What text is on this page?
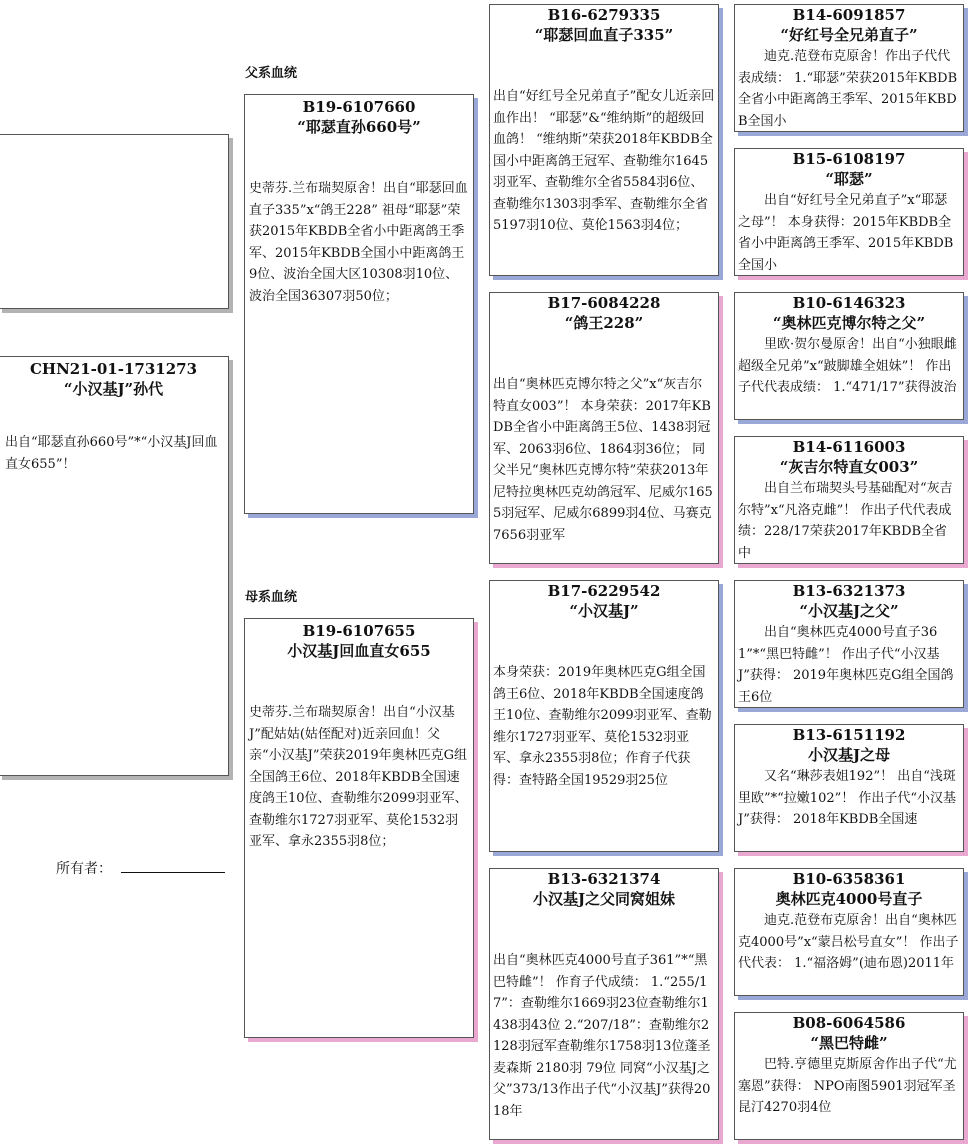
CHN21-01-1731273
“小汉基J”孙代
出自“耶瑟直孙660号”*“小汉基J回血直女655”！
父系血统
母系血统
B19-6107660
“耶瑟直孙660号”
史蒂芬.兰布瑞契原舍！出自“耶瑟回血直子335”x“鸽王228” 祖母“耶瑟”荣获2015年KBDB全省小中距离鸽王季军、2015年KBDB全国小中距离鸽王9位、波治全国大区10308羽10位、波治全国36307羽50位；
B19-6107655
小汉基J回血直女655
史蒂芬.兰布瑞契原舍！出自“小汉基J”配姑姑(姑侄配对)近亲回血！父亲“小汉基J”荣获2019年奥林匹克G组全国鸽王6位、2018年KBDB全国速度鸽王10位、查勒维尔2099羽亚军、查勒维尔1727羽亚军、莫伦1532羽亚军、拿永2355羽8位；
所有者：
B16-6279335
“耶瑟回血直子335”
出自“好红号全兄弟直子”配女儿近亲回血作出！ “耶瑟”&“维纳斯”的超级回血鸽！ “维纳斯”荣获2018年KBDB全国小中距离鸽王冠军、查勒维尔1645羽亚军、查勒维尔全省5584羽6位、查勒维尔1303羽季军、查勒维尔全省5197羽10位、莫伦1563羽4位；
B17-6084228
“鸽王228”
出自“奥林匹克博尔特之父”x“灰吉尔特直女003”！ 本身荣获：2017年KBDB全省小中距离鸽王5位、1438羽冠军、2063羽6位、1864羽36位； 同父半兄“奥林匹克博尔特”荣获2013年尼特拉奥林匹克幼鸽冠军、尼威尔1655羽冠军、尼威尔6899羽4位、马赛克7656羽亚军
B17-6229542
“小汉基J”
本身荣获：2019年奥林匹克G组全国鸽王6位、2018年KBDB全国速度鸽王10位、查勒维尔2099羽亚军、查勒维尔1727羽亚军、莫伦1532羽亚军、拿永2355羽8位；作育子代获得：查特路全国19529羽25位
B13-6321374
小汉基J之父同窝姐妹
出自“奥林匹克4000号直子361”*“黑巴特雌”！ 作育子代成绩： 1.“255/17”：查勒维尔1669羽23位查勒维尔1438羽43位 2.“207/18”：查勒维尔2128羽冠军查勒维尔1758羽13位蓬圣麦森斯 2180羽 79位 同窝“小汉基J之父”373/13作出子代“小汉基J”获得2018年
B14-6091857
“好红号全兄弟直子”
　　迪克.范登布克原舍！作出子代代表成绩： 1.“耶瑟”荣获2015年KBDB全省小中距离鸽王季军、2015年KBDB全国小
B15-6108197
“耶瑟”
　　出自“好红号全兄弟直子”x“耶瑟之母”！ 本身获得：2015年KBDB全省小中距离鸽王季军、2015年KBDB全国小
B10-6146323
“奥林匹克博尔特之父”
　　里欧·贺尔曼原舍！出自“小独眼雌超级全兄弟”x“跛脚雄全姐妹”！ 作出子代代表成绩： 1.“471/17”获得波治
B14-6116003
“灰吉尔特直女003”
　　出自兰布瑞契头号基础配对“灰吉尔特”x“凡洛克雌”！ 作出子代代表成绩：228/17荣获2017年KBDB全省中
B13-6321373
“小汉基J之父”
　　出自“奥林匹克4000号直子361”*“黑巴特雌”！ 作出子代“小汉基J”获得： 2019年奥林匹克G组全国鸽王6位
B13-6151192
小汉基J之母
　　又名“琳莎表姐192”！ 出自“浅斑里欧”*“拉嫩102”！ 作出子代“小汉基J”获得： 2018年KBDB全国速
B10-6358361
奥林匹克4000号直子
　　迪克.范登布克原舍！出自“奥林匹克4000号”x“蒙吕松号直女”！ 作出子代代表： 1.“福洛姆”(迪布恩)2011年
B08-6064586
“黑巴特雌”
　　巴特.亨德里克斯原舍作出子代“尤塞恩”获得： NPO南图5901羽冠军圣昆汀4270羽4位
